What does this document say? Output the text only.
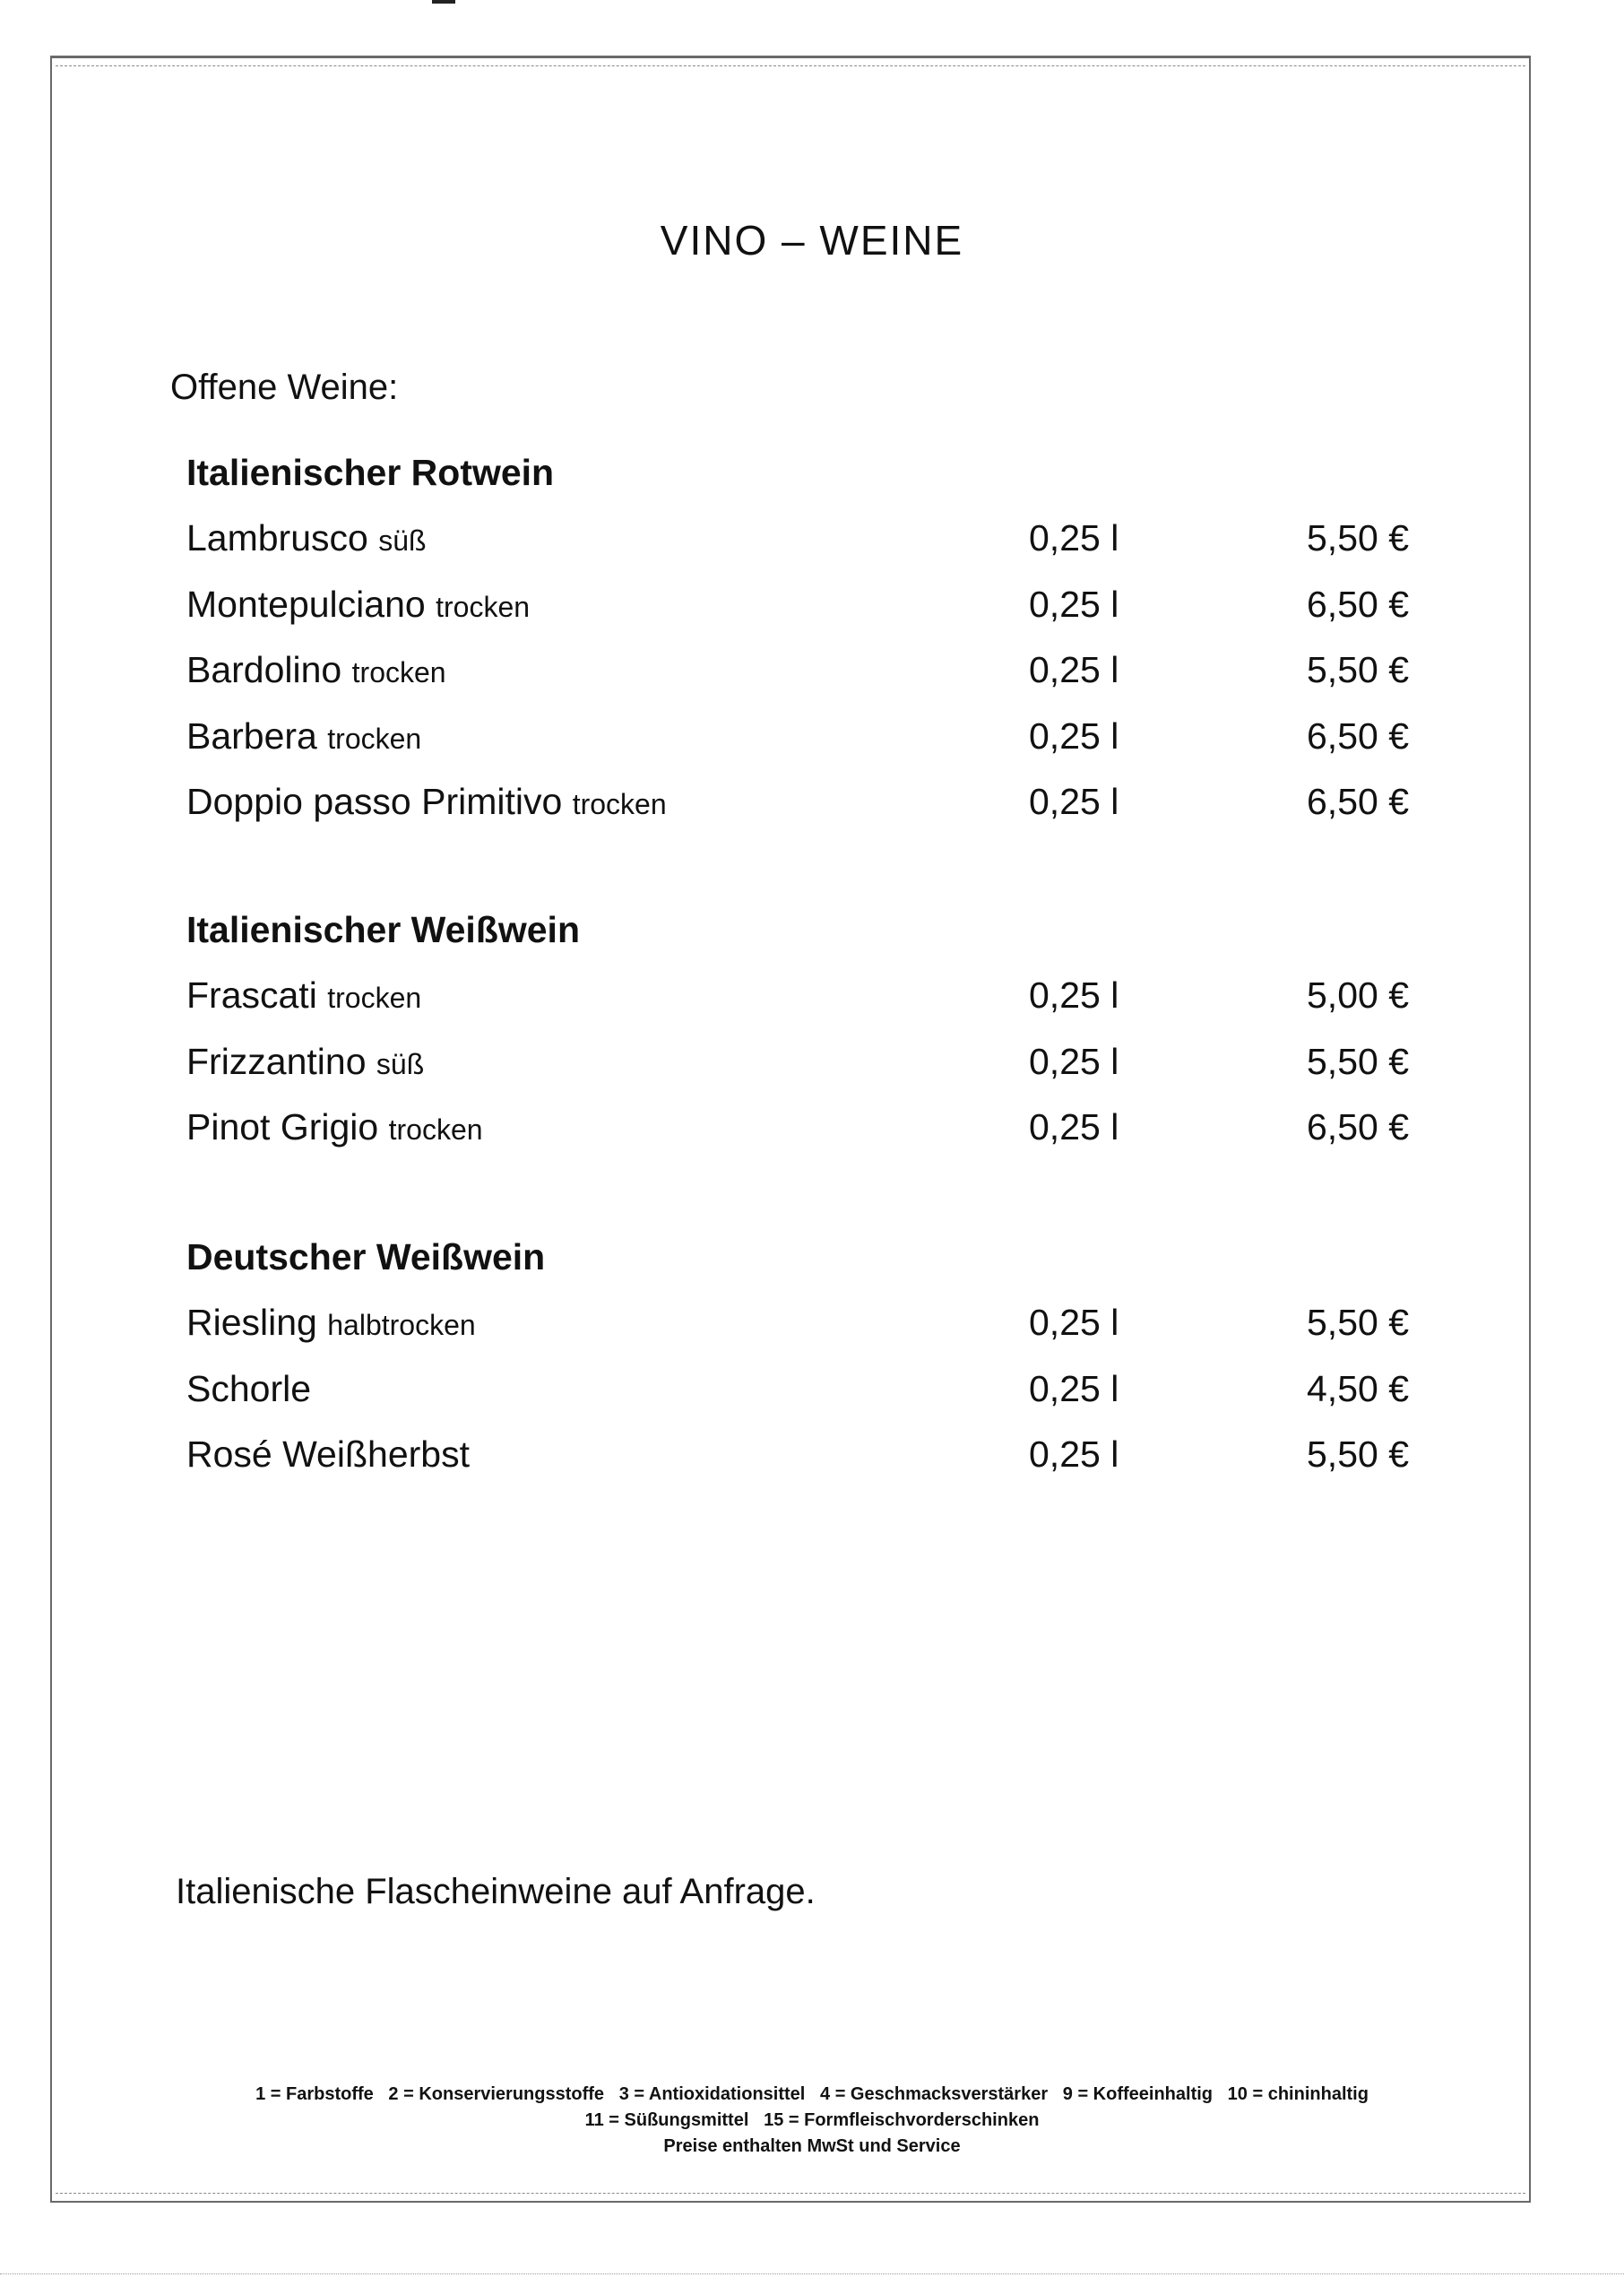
VINO – WEINE
Offene Weine:
Italienischer Rotwein
Lambrusco süß	0,25 l	5,50 €
Montepulciano trocken	0,25 l	6,50 €
Bardolino trocken	0,25 l	5,50 €
Barbera trocken	0,25 l	6,50 €
Doppio passo Primitivo trocken	0,25 l	6,50 €
Italienischer Weißwein
Frascati trocken	0,25 l	5,00 €
Frizzantino süß	0,25 l	5,50 €
Pinot Grigio trocken	0,25 l	6,50 €
Deutscher Weißwein
Riesling halbtrocken	0,25 l	5,50 €
Schorle	0,25 l	4,50 €
Rosé Weißherbst	0,25 l	5,50 €
Italienische Flascheinweine auf Anfrage.
1 = Farbstoffe   2 = Konservierungsstoffe   3 = Antioxidationsittel   4 = Geschmacksverstärker   9 = Koffeeinhaltig   10 = chininhaltig
11 = Süßungsmittel   15 = Formfleischvorderschinken
Preise enthalten MwSt und Service
